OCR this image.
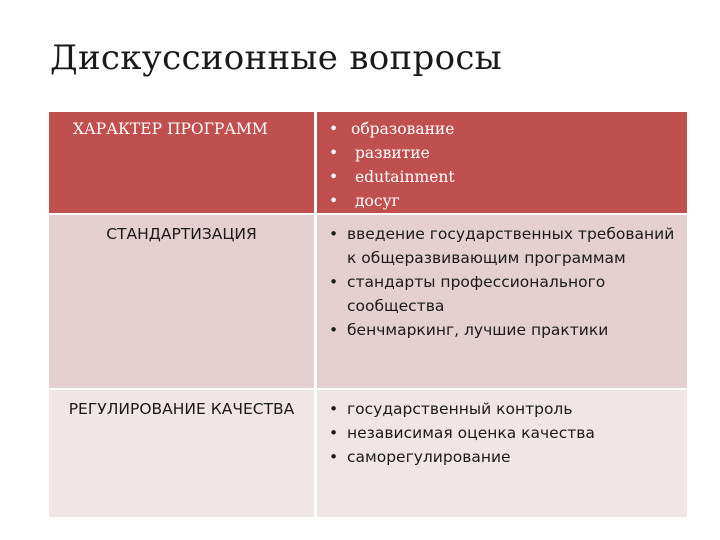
Дискуссионные вопросы
ХАРАКТЕР ПРОГРАММ	• образование
• развитие
• edutainment
• досуг
СТАНДАРТИЗАЦИЯ	• введение государственных требований к общеразвивающим программам
• стандарты профессионального сообщества
• бенчмаркинг, лучшие практики
РЕГУЛИРОВАНИЕ КАЧЕСТВА	• государственный контроль
• независимая оценка качества
• саморегулирование
